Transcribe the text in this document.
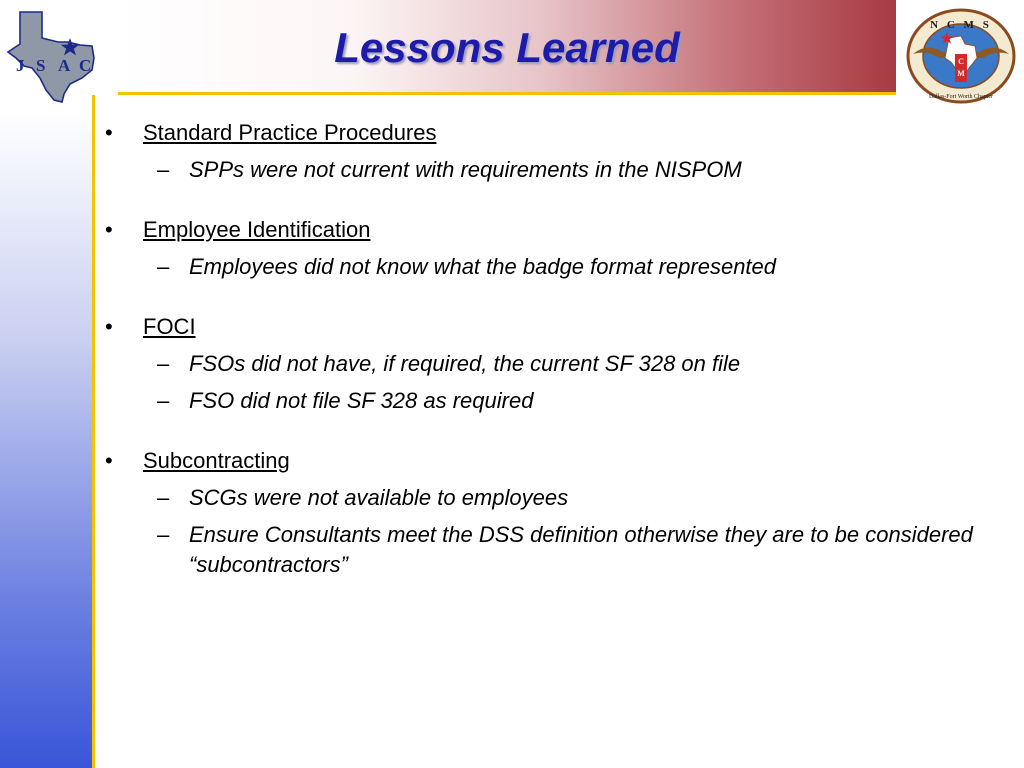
Lessons Learned
J S A C
N C M S
Dallas-Fort Worth Chapter
C
M
•	Standard Practice Procedures
– SPPs were not current with requirements in the NISPOM
•	Employee Identification
– Employees did not know what the badge format represented
•	FOCI
– FSOs did not have, if required, the current SF 328 on file
– FSO did not file SF 328 as required
•	Subcontracting
– SCGs were not available to employees
– Ensure Consultants meet the DSS definition otherwise they are to be considered “subcontractors”
